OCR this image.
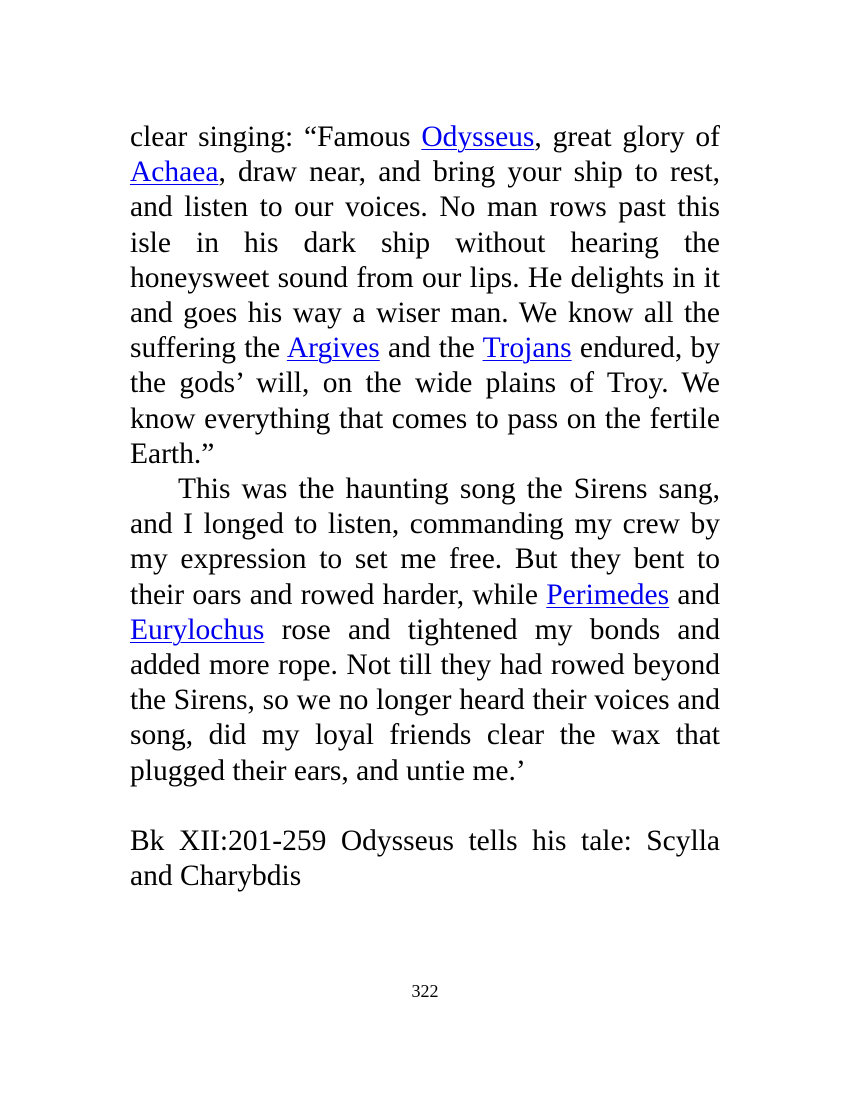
clear singing: “Famous Odysseus, great glory of Achaea, draw near, and bring your ship to rest, and listen to our voices. No man rows past this isle in his dark ship without hearing the honeysweet sound from our lips. He delights in it and goes his way a wiser man. We know all the suffering the Argives and the Trojans endured, by the gods’ will, on the wide plains of Troy. We know everything that comes to pass on the fertile Earth.”

This was the haunting song the Sirens sang, and I longed to listen, commanding my crew by my expression to set me free. But they bent to their oars and rowed harder, while Perimedes and Eurylochus rose and tightened my bonds and added more rope. Not till they had rowed beyond the Sirens, so we no longer heard their voices and song, did my loyal friends clear the wax that plugged their ears, and untie me.’

Bk XII:201-259 Odysseus tells his tale: Scylla and Charybdis
322
